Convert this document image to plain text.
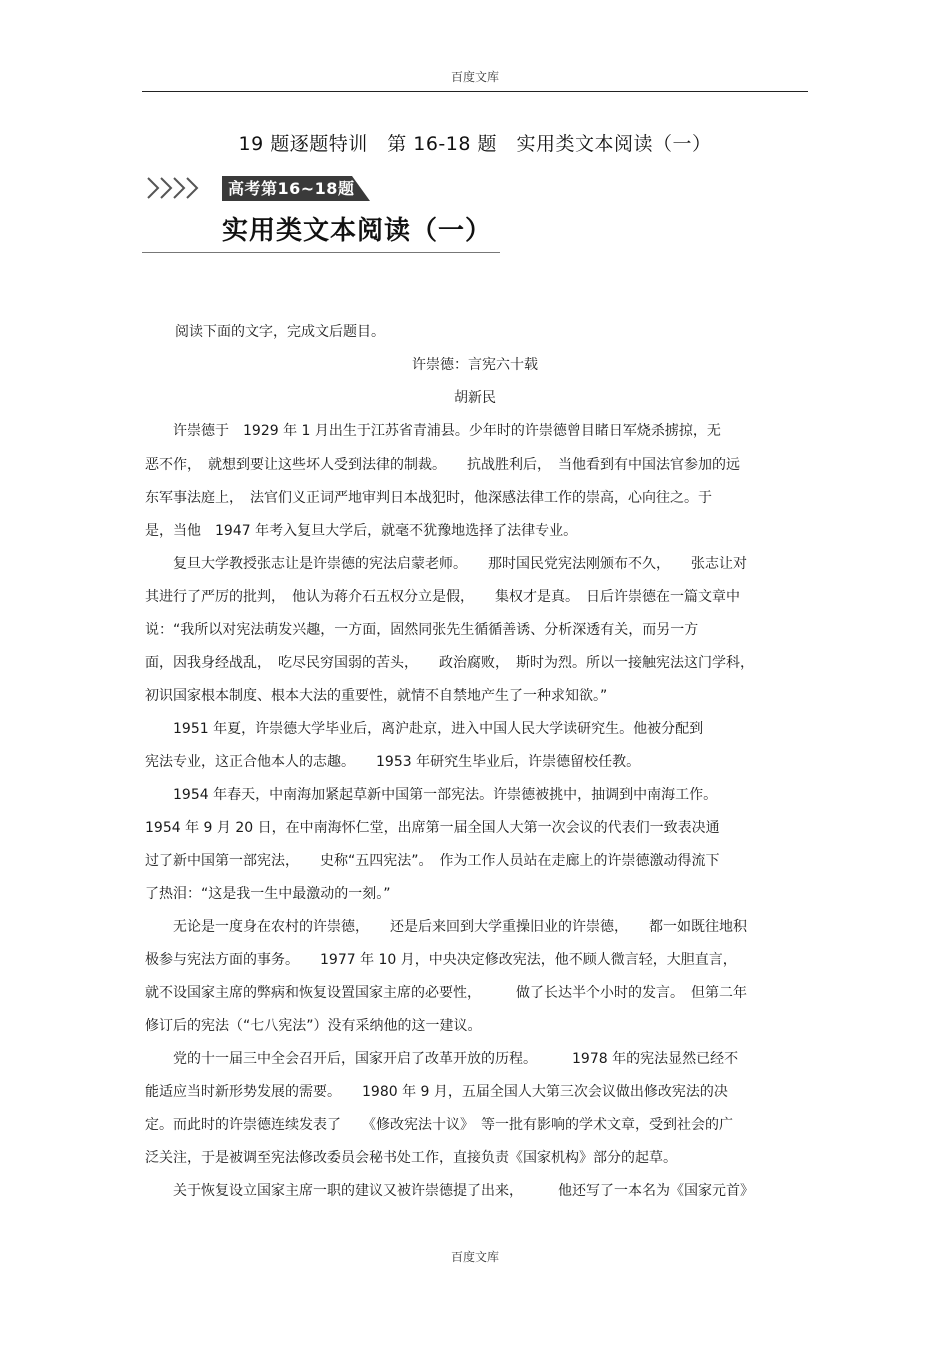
百度文库
19 题逐题特训　第 16-18 题　实用类文本阅读（一）
高考第16~18题
实用类文本阅读（一）
阅读下面的文字，完成文后题目。
许崇德：言宪六十载
胡新民
　　许崇德于　1929 年 1 月出生于江苏省青浦县。少年时的许崇德曾目睹日军烧杀掳掠，无
恶不作，　就想到要让这些坏人受到法律的制裁。　　抗战胜利后，　当他看到有中国法官参加的远
东军事法庭上，　法官们义正词严地审判日本战犯时，他深感法律工作的崇高，心向往之。于
是，当他　1947 年考入复旦大学后，就毫不犹豫地选择了法律专业。
　　复旦大学教授张志让是许崇德的宪法启蒙老师。　　那时国民党宪法刚颁布不久，　　张志让对
其进行了严厉的批判，　他认为蒋介石五权分立是假，　　集权才是真。　日后许崇德在一篇文章中
说：“我所以对宪法萌发兴趣，一方面，固然同张先生循循善诱、分析深透有关，而另一方
面，因我身经战乱，　吃尽民穷国弱的苦头，　　政治腐败，　斯时为烈。所以一接触宪法这门学科，
初识国家根本制度、根本大法的重要性，就情不自禁地产生了一种求知欲。”
　　1951 年夏，许崇德大学毕业后，离沪赴京，进入中国人民大学读研究生。他被分配到
宪法专业，这正合他本人的志趣。　　1953 年研究生毕业后，许崇德留校任教。
　　1954 年春天，中南海加紧起草新中国第一部宪法。许崇德被挑中，抽调到中南海工作。
1954 年 9 月 20 日，在中南海怀仁堂，出席第一届全国人大第一次会议的代表们一致表决通
过了新中国第一部宪法，　　史称“五四宪法”。　作为工作人员站在走廊上的许崇德激动得流下
了热泪：“这是我一生中最激动的一刻。”
　　无论是一度身在农村的许崇德，　　还是后来回到大学重操旧业的许崇德，　　都一如既往地积
极参与宪法方面的事务。　　1977 年 10 月，中央决定修改宪法，他不顾人微言轻，大胆直言，
就不设国家主席的弊病和恢复设置国家主席的必要性，　　　做了长达半个小时的发言。　但第二年
修订后的宪法（“七八宪法”）没有采纳他的这一建议。
　　党的十一届三中全会召开后，国家开启了改革开放的历程。　　　1978 年的宪法显然已经不
能适应当时新形势发展的需要。　　1980 年 9 月，五届全国人大第三次会议做出修改宪法的决
定。而此时的许崇德连续发表了　　《修改宪法十议》　等一批有影响的学术文章，受到社会的广
泛关注，于是被调至宪法修改委员会秘书处工作，直接负责《国家机构》部分的起草。
　　关于恢复设立国家主席一职的建议又被许崇德提了出来，　　　他还写了一本名为《国家元首》
百度文库
